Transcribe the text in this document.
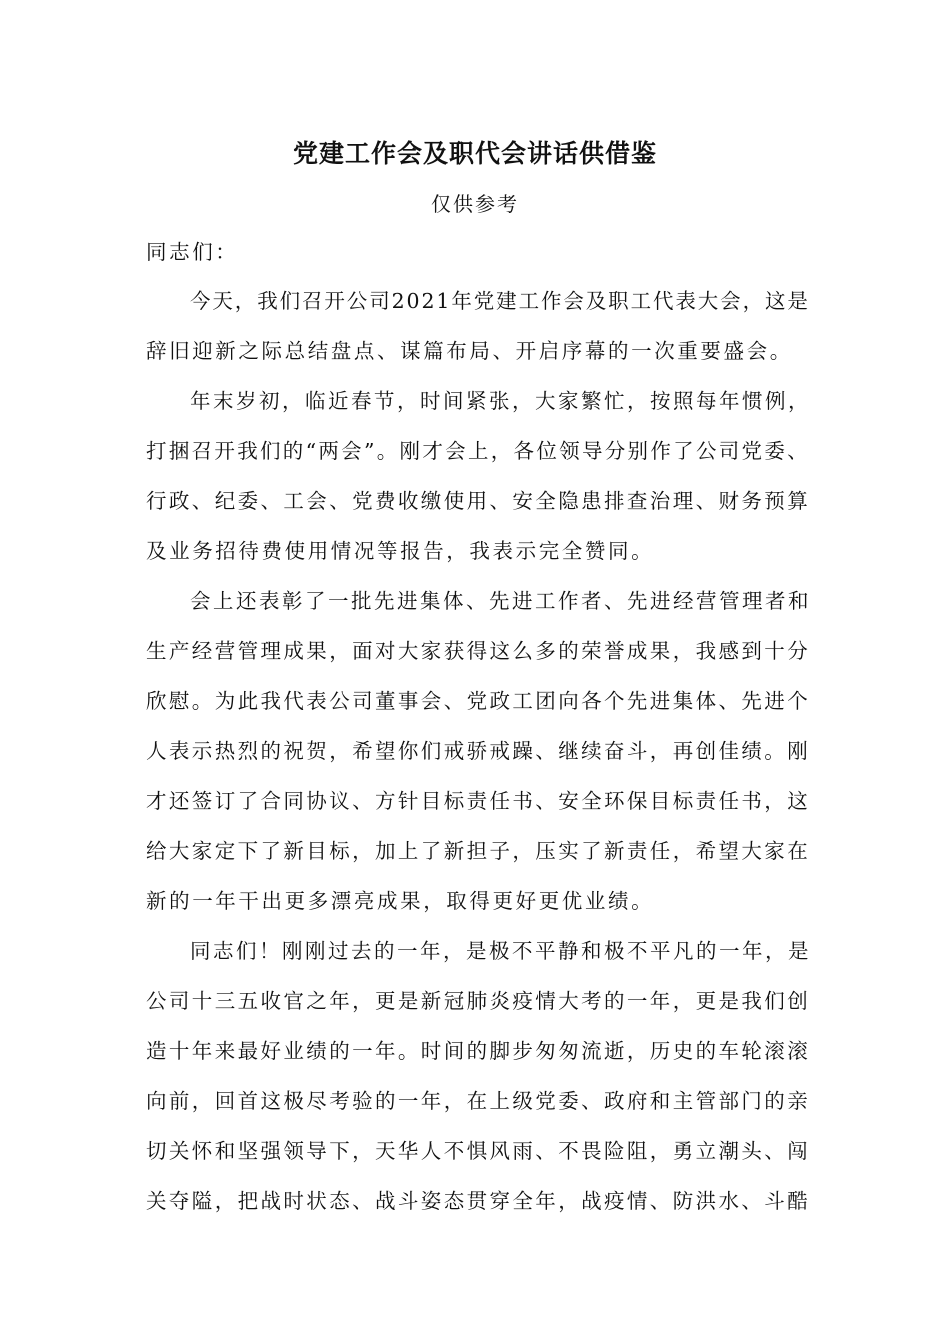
党建工作会及职代会讲话供借鉴
仅供参考
同志们：
今天，我们召开公司2021年党建工作会及职工代表大会，这是
辞旧迎新之际总结盘点、谋篇布局、开启序幕的一次重要盛会。
年末岁初，临近春节，时间紧张，大家繁忙，按照每年惯例，
打捆召开我们的“两会”。刚才会上，各位领导分别作了公司党委、
行政、纪委、工会、党费收缴使用、安全隐患排查治理、财务预算
及业务招待费使用情况等报告，我表示完全赞同。
会上还表彰了一批先进集体、先进工作者、先进经营管理者和
生产经营管理成果，面对大家获得这么多的荣誉成果，我感到十分
欣慰。为此我代表公司董事会、党政工团向各个先进集体、先进个
人表示热烈的祝贺，希望你们戒骄戒躁、继续奋斗，再创佳绩。刚
才还签订了合同协议、方针目标责任书、安全环保目标责任书，这
给大家定下了新目标，加上了新担子，压实了新责任，希望大家在
新的一年干出更多漂亮成果，取得更好更优业绩。
同志们！刚刚过去的一年，是极不平静和极不平凡的一年，是
公司十三五收官之年，更是新冠肺炎疫情大考的一年，更是我们创
造十年来最好业绩的一年。时间的脚步匆匆流逝，历史的车轮滚滚
向前，回首这极尽考验的一年，在上级党委、政府和主管部门的亲
切关怀和坚强领导下，天华人不惧风雨、不畏险阻，勇立潮头、闯
关夺隘，把战时状态、战斗姿态贯穿全年，战疫情、防洪水、斗酷
